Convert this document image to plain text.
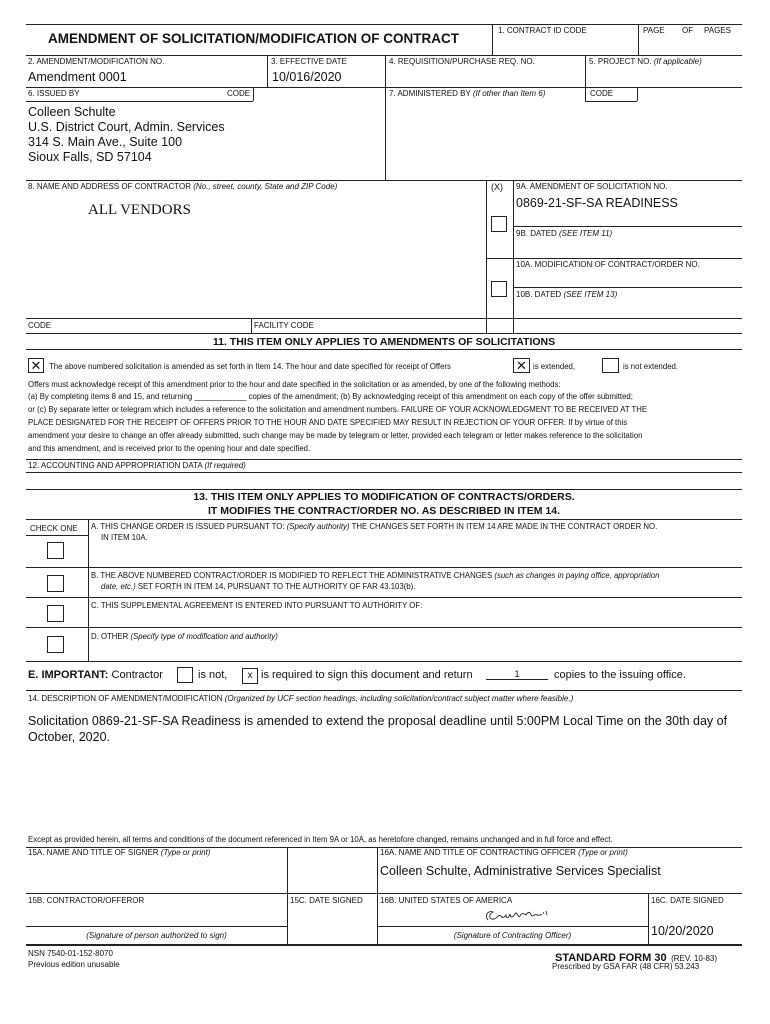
AMENDMENT OF SOLICITATION/MODIFICATION OF CONTRACT
1. CONTRACT ID CODE	PAGE OF PAGES
2. AMENDMENT/MODIFICATION NO.
Amendment 0001
3. EFFECTIVE DATE
10/016/2020
4. REQUISITION/PURCHASE REQ. NO.	5. PROJECT NO. (If applicable)
6. ISSUED BY	CODE
Colleen Schulte
U.S. District Court, Admin. Services
314 S. Main Ave., Suite 100
Sioux Falls, SD 57104
7. ADMINISTERED BY (If other than Item 6)	CODE
8. NAME AND ADDRESS OF CONTRACTOR (No., street, county, State and ZIP Code)
ALL VENDORS
CODE	FACILITY CODE
(X) 9A. AMENDMENT OF SOLICITATION NO.
0869-21-SF-SA READINESS
9B. DATED (SEE ITEM 11)
10A. MODIFICATION OF CONTRACT/ORDER NO.
10B. DATED (SEE ITEM 13)
11. THIS ITEM ONLY APPLIES TO AMENDMENTS OF SOLICITATIONS
✕ The above numbered solicitation is amended as set forth in Item 14. The hour and date specified for receipt of Offers	✕ is extended,	is not extended.
Offers must acknowledge receipt of this amendment prior to the hour and date specified in the solicitation or as amended, by one of the following methods:
(a) By completing items 8 and 15, and returning ____________ copies of the amendment; (b) By acknowledging receipt of this amendment on each copy of the offer submitted;
or (c) By separate letter or telegram which includes a reference to the solicitation and amendment numbers. FAILURE OF YOUR ACKNOWLEDGMENT TO BE RECEIVED AT THE
PLACE DESIGNATED FOR THE RECEIPT OF OFFERS PRIOR TO THE HOUR AND DATE SPECIFIED MAY RESULT IN REJECTION OF YOUR OFFER. If by virtue of this
amendment your desire to change an offer already submitted, such change may be made by telegram or letter, provided each telegram or letter makes reference to the solicitation
and this amendment, and is received prior to the opening hour and date specified.
12. ACCOUNTING AND APPROPRIATION DATA (If required)
13. THIS ITEM ONLY APPLIES TO MODIFICATION OF CONTRACTS/ORDERS.
IT MODIFIES THE CONTRACT/ORDER NO. AS DESCRIBED IN ITEM 14.
CHECK ONE A. THIS CHANGE ORDER IS ISSUED PURSUANT TO: (Specify authority) THE CHANGES SET FORTH IN ITEM 14 ARE MADE IN THE CONTRACT ORDER NO.
IN ITEM 10A.
B. THE ABOVE NUMBERED CONTRACT/ORDER IS MODIFIED TO REFLECT THE ADMINISTRATIVE CHANGES (such as changes in paying office, appropriation
date, etc.) SET FORTH IN ITEM 14, PURSUANT TO THE AUTHORITY OF FAR 43.103(b).
C. THIS SUPPLEMENTAL AGREEMENT IS ENTERED INTO PURSUANT TO AUTHORITY OF:
D. OTHER (Specify type of modification and authority)
E. IMPORTANT: Contractor	is not,	x is required to sign this document and return	1	copies to the issuing office.
14. DESCRIPTION OF AMENDMENT/MODIFICATION (Organized by UCF section headings, including solicitation/contract subject matter where feasible.)
Solicitation 0869-21-SF-SA Readiness is amended to extend the proposal deadline until 5:00PM Local Time on the 30th day of
October, 2020.
Except as provided herein, all terms and conditions of the document referenced in Item 9A or 10A, as heretofore changed, remains unchanged and in full force and effect.
15A. NAME AND TITLE OF SIGNER (Type or print)	16A. NAME AND TITLE OF CONTRACTING OFFICER (Type or print)
Colleen Schulte, Administrative Services Specialist
15B. CONTRACTOR/OFFEROR	15C. DATE SIGNED 16B. UNITED STATES OF AMERICA	16C. DATE SIGNED
10/20/2020
(Signature of person authorized to sign)	(Signature of Contracting Officer)
NSN 7540-01-152-8070
Previous edition unusable
STANDARD FORM 30 (REV. 10-83)
Prescribed by GSA FAR (48 CFR) 53.243
